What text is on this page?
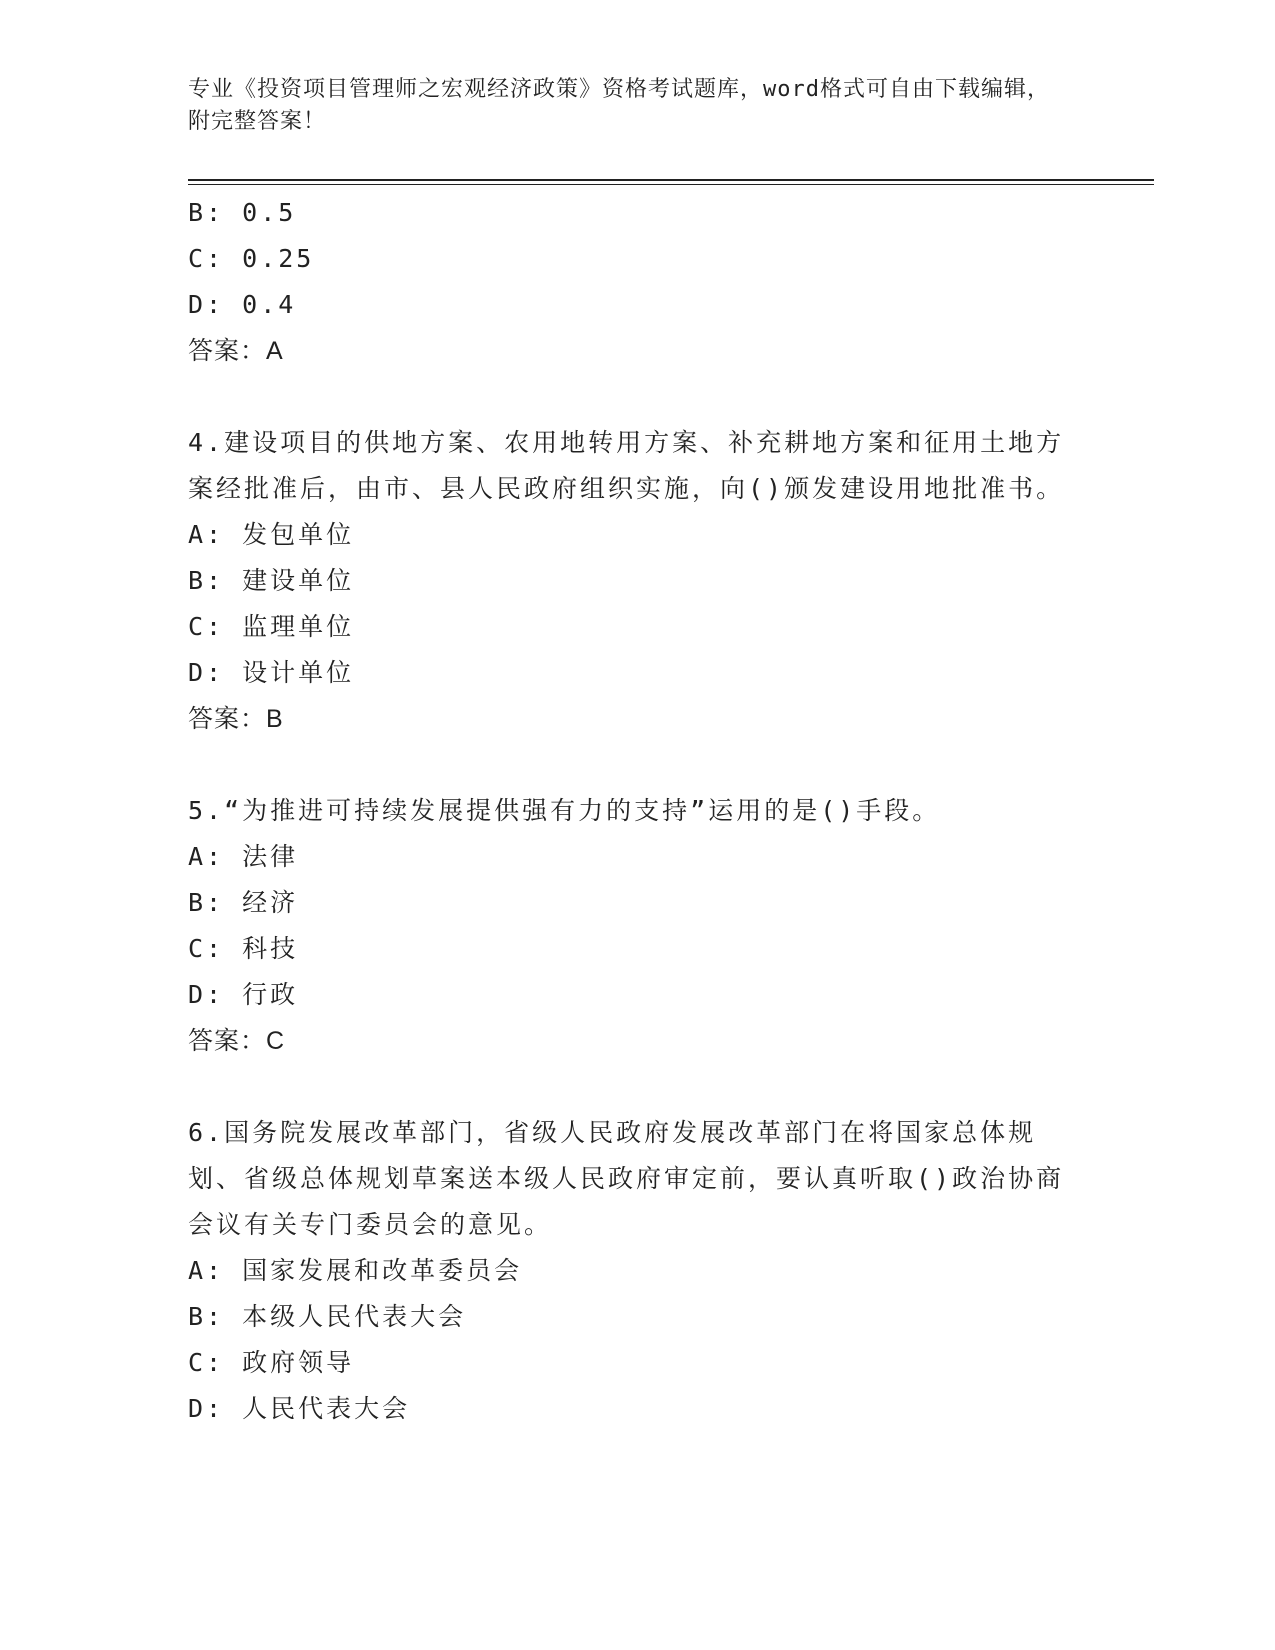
专业《投资项目管理师之宏观经济政策》资格考试题库，word格式可自由下载编辑，附完整答案！
B: 0.5
C: 0.25
D: 0.4
答案：A
4.建设项目的供地方案、农用地转用方案、补充耕地方案和征用土地方案经批准后，由市、县人民政府组织实施，向()颁发建设用地批准书。
A: 发包单位
B: 建设单位
C: 监理单位
D: 设计单位
答案：B
5.“为推进可持续发展提供强有力的支持”运用的是()手段。
A: 法律
B: 经济
C: 科技
D: 行政
答案：C
6.国务院发展改革部门，省级人民政府发展改革部门在将国家总体规划、省级总体规划草案送本级人民政府审定前，要认真听取()政治协商会议有关专门委员会的意见。
A: 国家发展和改革委员会
B: 本级人民代表大会
C: 政府领导
D: 人民代表大会
